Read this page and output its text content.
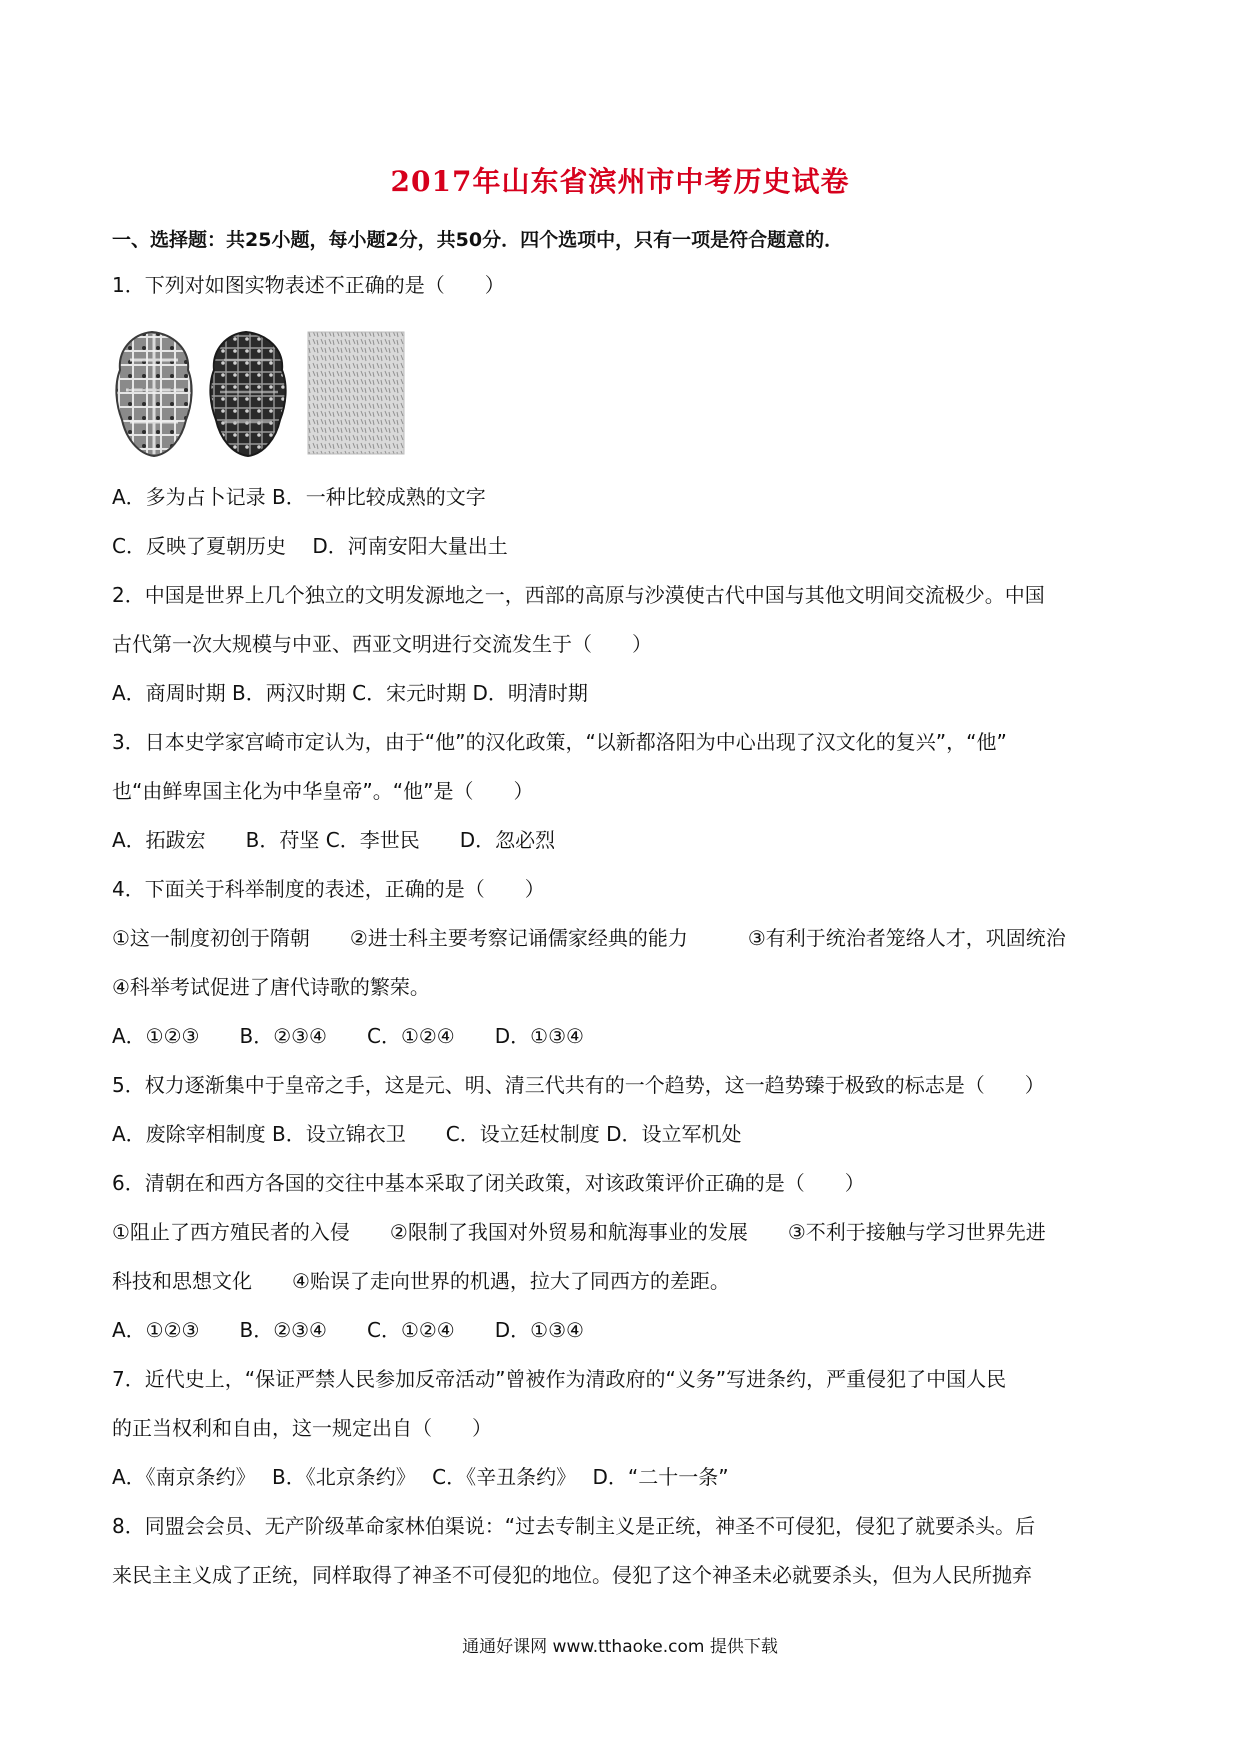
2017年山东省滨州市中考历史试卷
一、选择题：共25小题，每小题2分，共50分．四个选项中，只有一项是符合题意的．
1．下列对如图实物表述不正确的是（　　）
A．多为占卜记录 B．一种比较成熟的文字
C．反映了夏朝历史　 D．河南安阳大量出土
2．中国是世界上几个独立的文明发源地之一，西部的高原与沙漠使古代中国与其他文明间交流极少。中国
古代第一次大规模与中亚、西亚文明进行交流发生于（　　）
A．商周时期 B．两汉时期 C．宋元时期 D．明清时期
3．日本史学家宫崎市定认为，由于“他”的汉化政策，“以新都洛阳为中心出现了汉文化的复兴”，“他”
也“由鲜卑国主化为中华皇帝”。“他”是（　　）
A．拓跋宏　　B．苻坚 C．李世民　　D．忽必烈
4．下面关于科举制度的表述，正确的是（　　）
①这一制度初创于隋朝　　②进士科主要考察记诵儒家经典的能力　　　③有利于统治者笼络人才，巩固统治
④科举考试促进了唐代诗歌的繁荣。
A．①②③　　B．②③④　　C．①②④　　D．①③④
5．权力逐渐集中于皇帝之手，这是元、明、清三代共有的一个趋势，这一趋势臻于极致的标志是（　　）
A．废除宰相制度 B．设立锦衣卫　　C．设立廷杖制度 D．设立军机处
6．清朝在和西方各国的交往中基本采取了闭关政策，对该政策评价正确的是（　　）
①阻止了西方殖民者的入侵　　②限制了我国对外贸易和航海事业的发展　　③不利于接触与学习世界先进
科技和思想文化　　④贻误了走向世界的机遇，拉大了同西方的差距。
A．①②③　　B．②③④　　C．①②④　　D．①③④
7．近代史上，“保证严禁人民参加反帝活动”曾被作为清政府的“义务”写进条约，严重侵犯了中国人民
的正当权利和自由，这一规定出自（　　）
A．《南京条约》　 B．《北京条约》　 C．《辛丑条约》　 D．“二十一条”
8．同盟会会员、无产阶级革命家林伯渠说：“过去专制主义是正统，神圣不可侵犯，侵犯了就要杀头。后
来民主主义成了正统，同样取得了神圣不可侵犯的地位。侵犯了这个神圣未必就要杀头，但为人民所抛弃
通通好课网 www.tthaoke.com 提供下载
